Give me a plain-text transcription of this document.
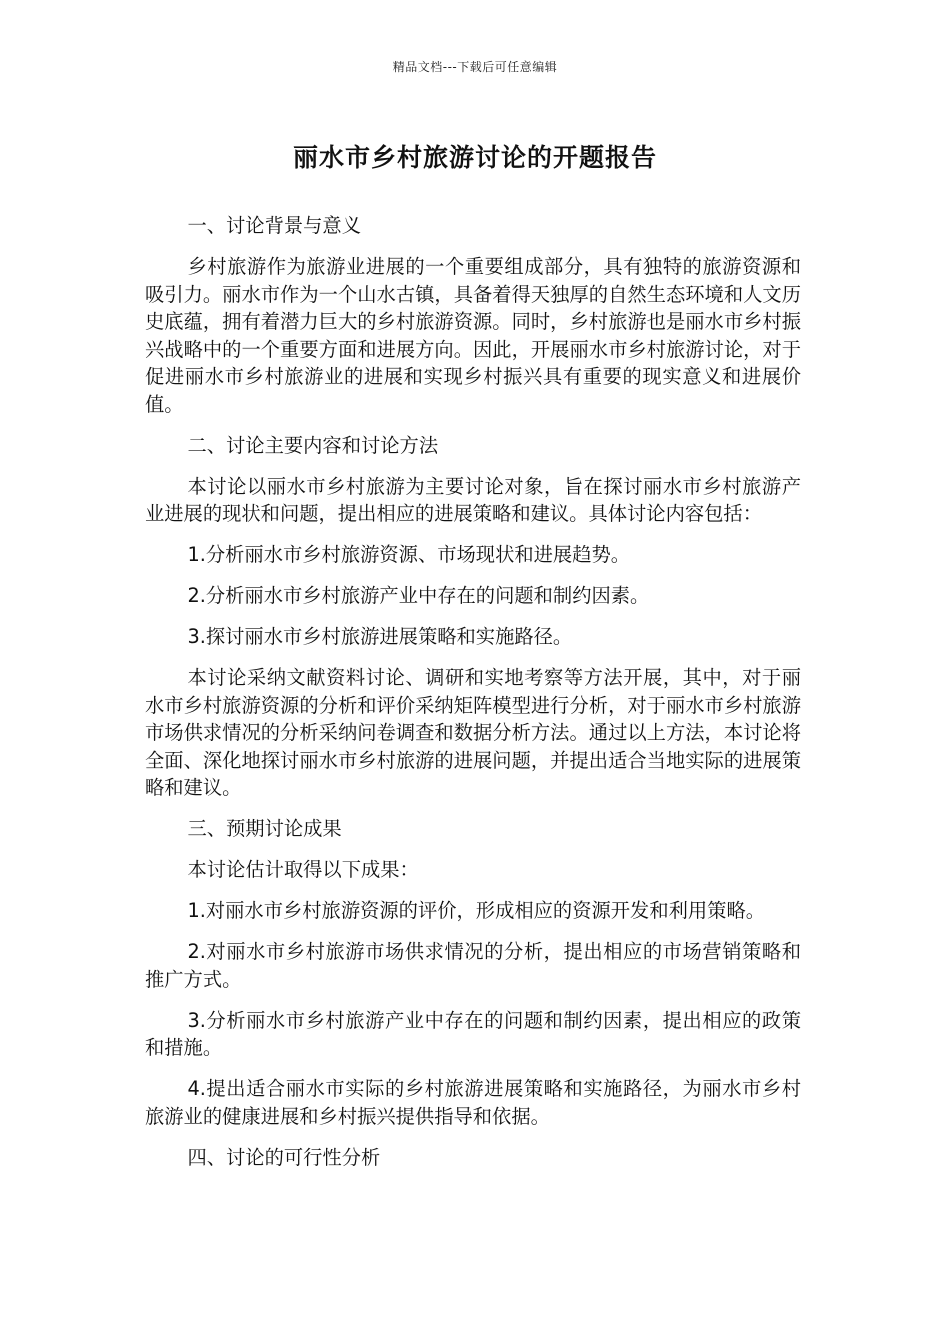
精品文档---下载后可任意编辑
丽水市乡村旅游讨论的开题报告

一、讨论背景与意义

乡村旅游作为旅游业进展的一个重要组成部分，具有独特的旅游资源和吸引力。丽水市作为一个山水古镇，具备着得天独厚的自然生态环境和人文历史底蕴，拥有着潜力巨大的乡村旅游资源。同时，乡村旅游也是丽水市乡村振兴战略中的一个重要方面和进展方向。因此，开展丽水市乡村旅游讨论，对于促进丽水市乡村旅游业的进展和实现乡村振兴具有重要的现实意义和进展价值。

二、讨论主要内容和讨论方法

本讨论以丽水市乡村旅游为主要讨论对象，旨在探讨丽水市乡村旅游产业进展的现状和问题，提出相应的进展策略和建议。具体讨论内容包括：

1.分析丽水市乡村旅游资源、市场现状和进展趋势。

2.分析丽水市乡村旅游产业中存在的问题和制约因素。

3.探讨丽水市乡村旅游进展策略和实施路径。

本讨论采纳文献资料讨论、调研和实地考察等方法开展，其中，对于丽水市乡村旅游资源的分析和评价采纳矩阵模型进行分析，对于丽水市乡村旅游市场供求情况的分析采纳问卷调查和数据分析方法。通过以上方法，本讨论将全面、深化地探讨丽水市乡村旅游的进展问题，并提出适合当地实际的进展策略和建议。

三、预期讨论成果

本讨论估计取得以下成果：

1.对丽水市乡村旅游资源的评价，形成相应的资源开发和利用策略。

2.对丽水市乡村旅游市场供求情况的分析，提出相应的市场营销策略和推广方式。

3.分析丽水市乡村旅游产业中存在的问题和制约因素，提出相应的政策和措施。

4.提出适合丽水市实际的乡村旅游进展策略和实施路径，为丽水市乡村旅游业的健康进展和乡村振兴提供指导和依据。

四、讨论的可行性分析
